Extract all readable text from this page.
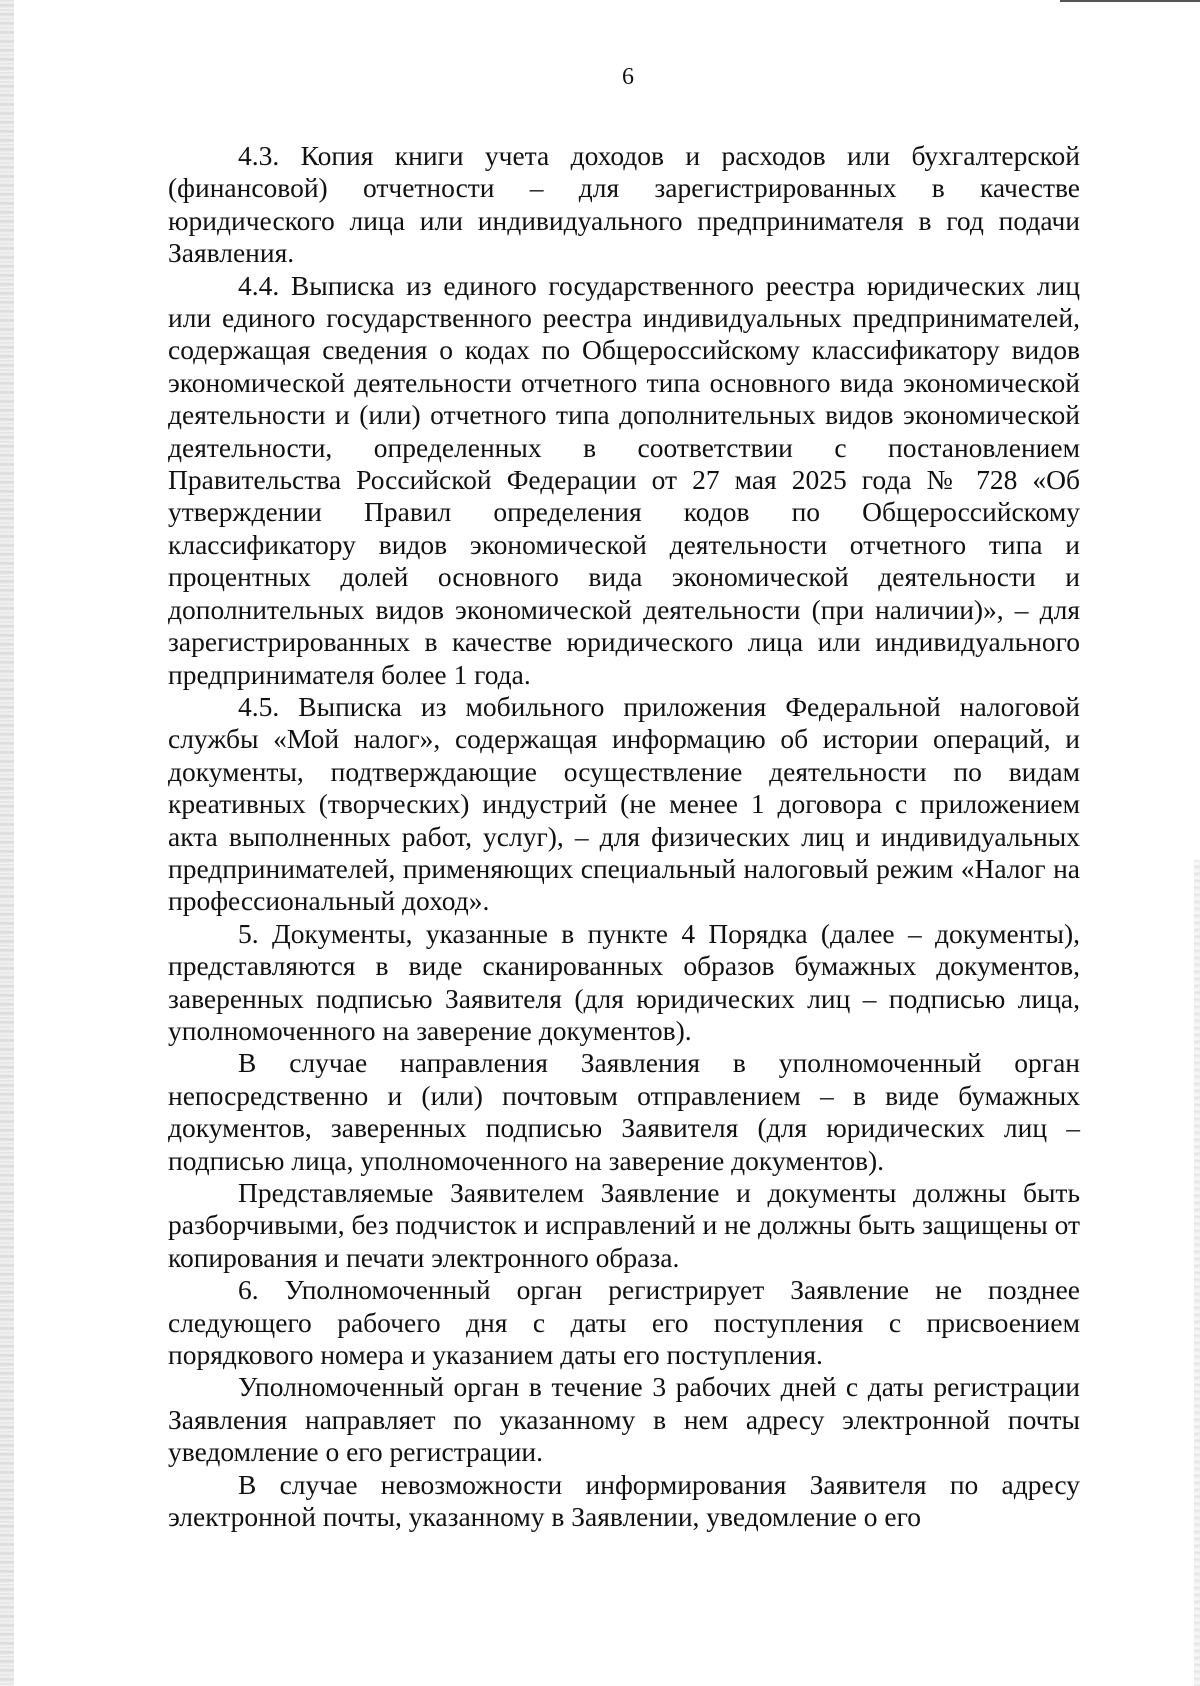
6

4.3. Копия книги учета доходов и расходов или бухгалтерской (финансовой) отчетности – для зарегистрированных в качестве юридического лица или индивидуального предпринимателя в год подачи Заявления.

4.4. Выписка из единого государственного реестра юридических лиц или единого государственного реестра индивидуальных предпринимателей, содержащая сведения о кодах по Общероссийскому классификатору видов экономической деятельности отчетного типа основного вида экономической деятельности и (или) отчетного типа дополнительных видов экономической деятельности, определенных в соответствии с постановлением Правительства Российской Федерации от 27 мая 2025 года № 728 «Об утверждении Правил определения кодов по Общероссийскому классификатору видов экономической деятельности отчетного типа и процентных долей основного вида экономической деятельности и дополнительных видов экономической деятельности (при наличии)», – для зарегистрированных в качестве юридического лица или индивидуального предпринимателя более 1 года.

4.5. Выписка из мобильного приложения Федеральной налоговой службы «Мой налог», содержащая информацию об истории операций, и документы, подтверждающие осуществление деятельности по видам креативных (творческих) индустрий (не менее 1 договора с приложением акта выполненных работ, услуг), – для физических лиц и индивидуальных предпринимателей, применяющих специальный налоговый режим «Налог на профессиональный доход».

5. Документы, указанные в пункте 4 Порядка (далее – документы), представляются в виде сканированных образов бумажных документов, заверенных подписью Заявителя (для юридических лиц – подписью лица, уполномоченного на заверение документов).

В случае направления Заявления в уполномоченный орган непосредственно и (или) почтовым отправлением – в виде бумажных документов, заверенных подписью Заявителя (для юридических лиц – подписью лица, уполномоченного на заверение документов).

Представляемые Заявителем Заявление и документы должны быть разборчивыми, без подчисток и исправлений и не должны быть защищены от копирования и печати электронного образа.

6. Уполномоченный орган регистрирует Заявление не позднее следующего рабочего дня с даты его поступления с присвоением порядкового номера и указанием даты его поступления.

Уполномоченный орган в течение 3 рабочих дней с даты регистрации Заявления направляет по указанному в нем адресу электронной почты уведомление о его регистрации.

В случае невозможности информирования Заявителя по адресу электронной почты, указанному в Заявлении, уведомление о его
